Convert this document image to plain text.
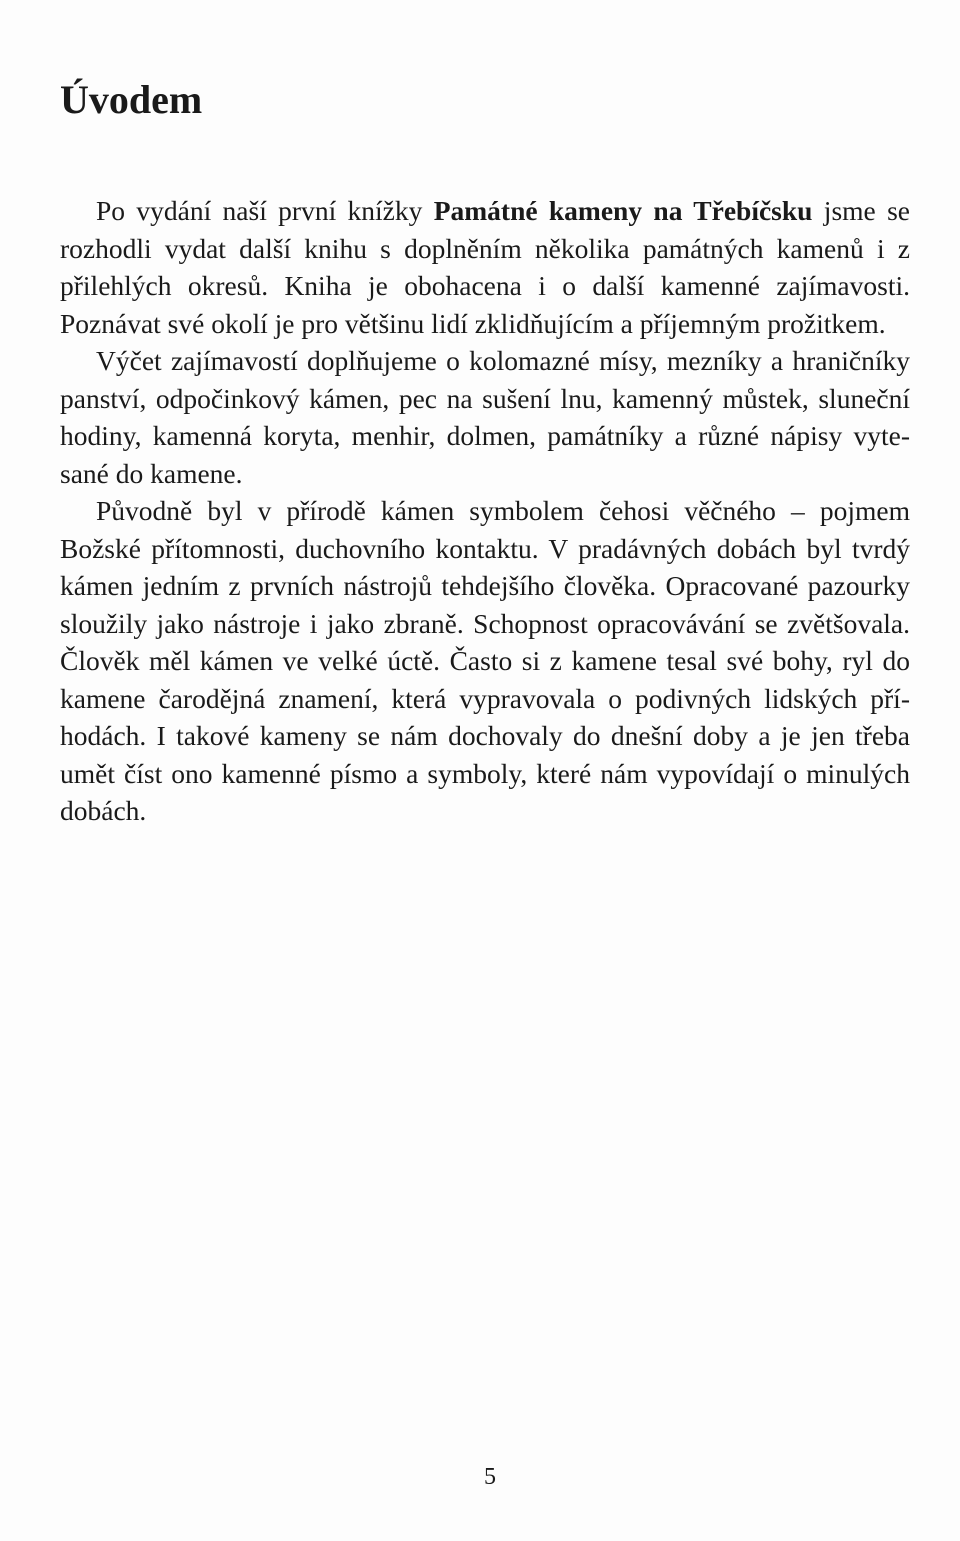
Úvodem

Po vydání naší první knížky Památné kameny na Třebíčsku jsme se rozhodli vydat další knihu s doplněním několika památných kamenů i z přilehlých okresů. Kniha je obohacena i o další kamenné zajímavosti. Poznávat své okolí je pro většinu lidí zklidňujícím a příjemným prožitkem.

Výčet zajímavostí doplňujeme o kolomazné mísy, mezníky a hraničníky panství, odpočinkový kámen, pec na sušení lnu, kamenný můstek, sluneční hodiny, kamenná koryta, menhir, dolmen, památníky a různé nápisy vytesané do kamene.

Původně byl v přírodě kámen symbolem čehosi věčného – pojmem Božské přítomnosti, duchovního kontaktu. V pradávných dobách byl tvrdý kámen jedním z prvních nástrojů tehdejšího člověka. Opracované pazourky sloužily jako nástroje i jako zbraně. Schopnost opracovávání se zvětšovala. Člověk měl kámen ve velké úctě. Často si z kamene tesal své bohy, ryl do kamene čarodějná znamení, která vypravovala o podivných lidských příhodách. I takové kameny se nám dochovaly do dnešní doby a je jen třeba umět číst ono kamenné písmo a symboly, které nám vypovídají o minulých dobách.

5
